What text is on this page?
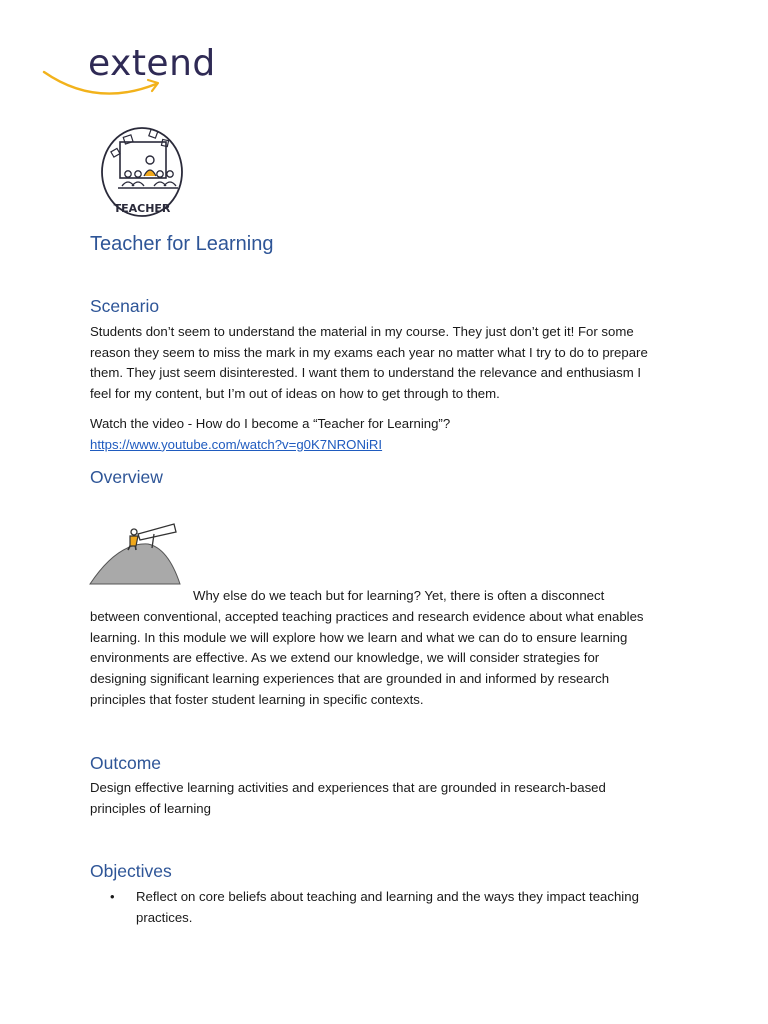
extend
TEACHER
Teacher for Learning
Scenario

Students don’t seem to understand the material in my course. They just don’t get it! For some
reason they seem to miss the mark in my exams each year no matter what I try to do to prepare
them. They just seem disinterested. I want them to understand the relevance and enthusiasm I
feel for my content, but I’m out of ideas on how to get through to them.

Watch the video - How do I become a “Teacher for Learning”?
https://www.youtube.com/watch?v=g0K7NRONiRI

Overview

Why else do we teach but for learning? Yet, there is often a disconnect

between conventional, accepted teaching practices and research evidence about what enables
learning. In this module we will explore how we learn and what we can do to ensure learning
environments are effective. As we extend our knowledge, we will consider strategies for
designing significant learning experiences that are grounded in and informed by research
principles that foster student learning in specific contexts.

Outcome

Design effective learning activities and experiences that are grounded in research-based
principles of learning

Objectives
• Reflect on core beliefs about teaching and learning and the ways they impact teaching
practices.
